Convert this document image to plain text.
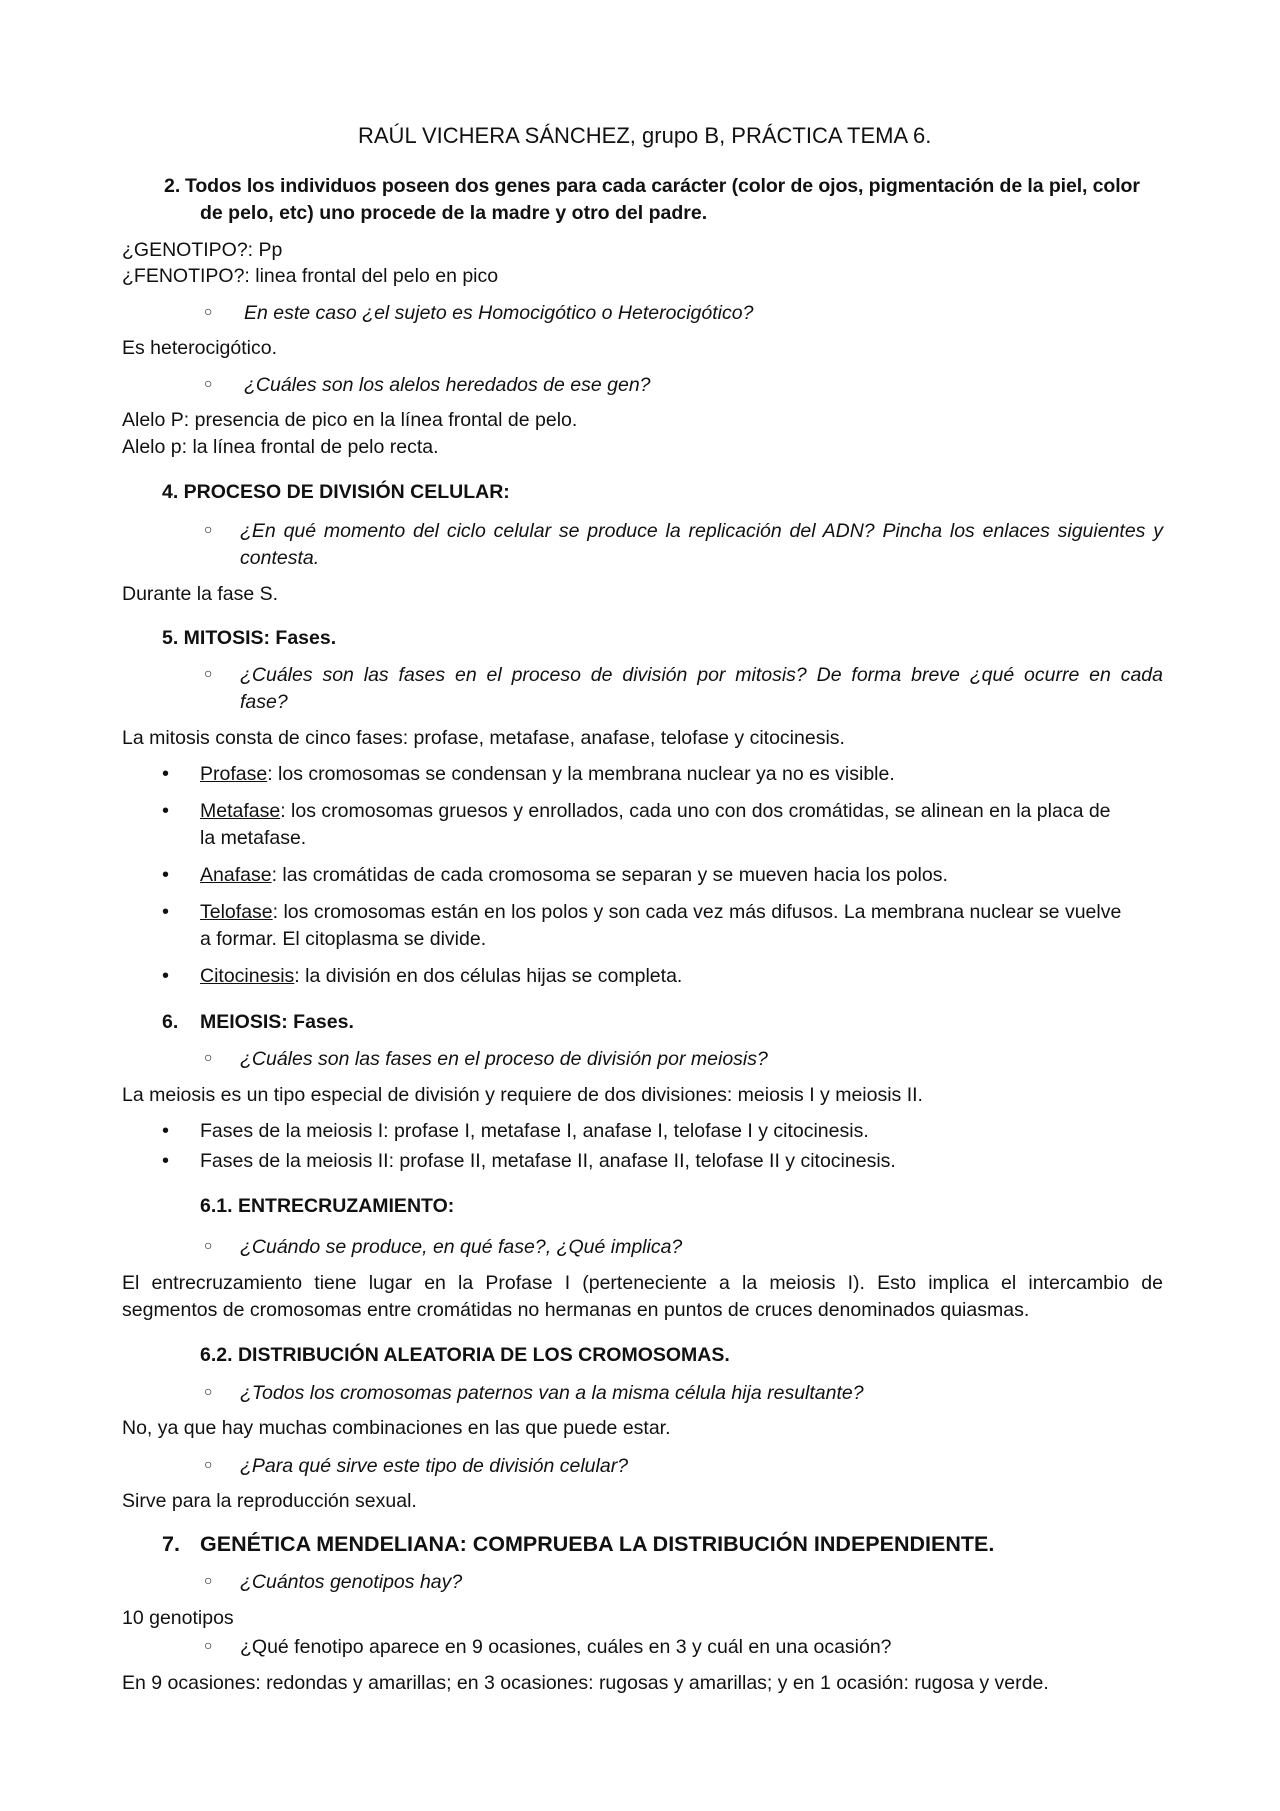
RAÚL VICHERA SÁNCHEZ, grupo B, PRÁCTICA TEMA 6.
2. Todos los individuos poseen dos genes para cada carácter (color de ojos, pigmentación de la piel, color
de pelo, etc) uno procede de la madre y otro del padre.
¿GENOTIPO?: Pp
¿FENOTIPO?: linea frontal del pelo en pico
○ En este caso ¿el sujeto es Homocigótico o Heterocigótico?
Es heterocigótico.
○ ¿Cuáles son los alelos heredados de ese gen?
Alelo P: presencia de pico en la línea frontal de pelo.
Alelo p: la línea frontal de pelo recta.
4. PROCESO DE DIVISIÓN CELULAR:
○ ¿En qué momento del ciclo celular se produce la replicación del ADN? Pincha los enlaces siguientes y
contesta.
Durante la fase S.
5. MITOSIS: Fases.
○ ¿Cuáles son las fases en el proceso de división por mitosis? De forma breve ¿qué ocurre en cada
fase?
La mitosis consta de cinco fases: profase, metafase, anafase, telofase y citocinesis.
• Profase: los cromosomas se condensan y la membrana nuclear ya no es visible.
• Metafase: los cromosomas gruesos y enrollados, cada uno con dos cromátidas, se alinean en la placa de
la metafase.
• Anafase: las cromátidas de cada cromosoma se separan y se mueven hacia los polos.
• Telofase: los cromosomas están en los polos y son cada vez más difusos. La membrana nuclear se vuelve
a formar. El citoplasma se divide.
• Citocinesis: la división en dos células hijas se completa.
6. MEIOSIS: Fases.
○ ¿Cuáles son las fases en el proceso de división por meiosis?
La meiosis es un tipo especial de división y requiere de dos divisiones: meiosis I y meiosis II.
• Fases de la meiosis I: profase I, metafase I, anafase I, telofase I y citocinesis.
• Fases de la meiosis II: profase II, metafase II, anafase II, telofase II y citocinesis.
6.1. ENTRECRUZAMIENTO:
○ ¿Cuándo se produce, en qué fase?, ¿Qué implica?
El entrecruzamiento tiene lugar en la Profase I (perteneciente a la meiosis I). Esto implica el intercambio de
segmentos de cromosomas entre cromátidas no hermanas en puntos de cruces denominados quiasmas.
6.2. DISTRIBUCIÓN ALEATORIA DE LOS CROMOSOMAS.
○ ¿Todos los cromosomas paternos van a la misma célula hija resultante?
No, ya que hay muchas combinaciones en las que puede estar.
○ ¿Para qué sirve este tipo de división celular?
Sirve para la reproducción sexual.
7. GENÉTICA MENDELIANA: COMPRUEBA LA DISTRIBUCIÓN INDEPENDIENTE.
○ ¿Cuántos genotipos hay?
10 genotipos
○ ¿Qué fenotipo aparece en 9 ocasiones, cuáles en 3 y cuál en una ocasión?
En 9 ocasiones: redondas y amarillas; en 3 ocasiones: rugosas y amarillas; y en 1 ocasión: rugosa y verde.
